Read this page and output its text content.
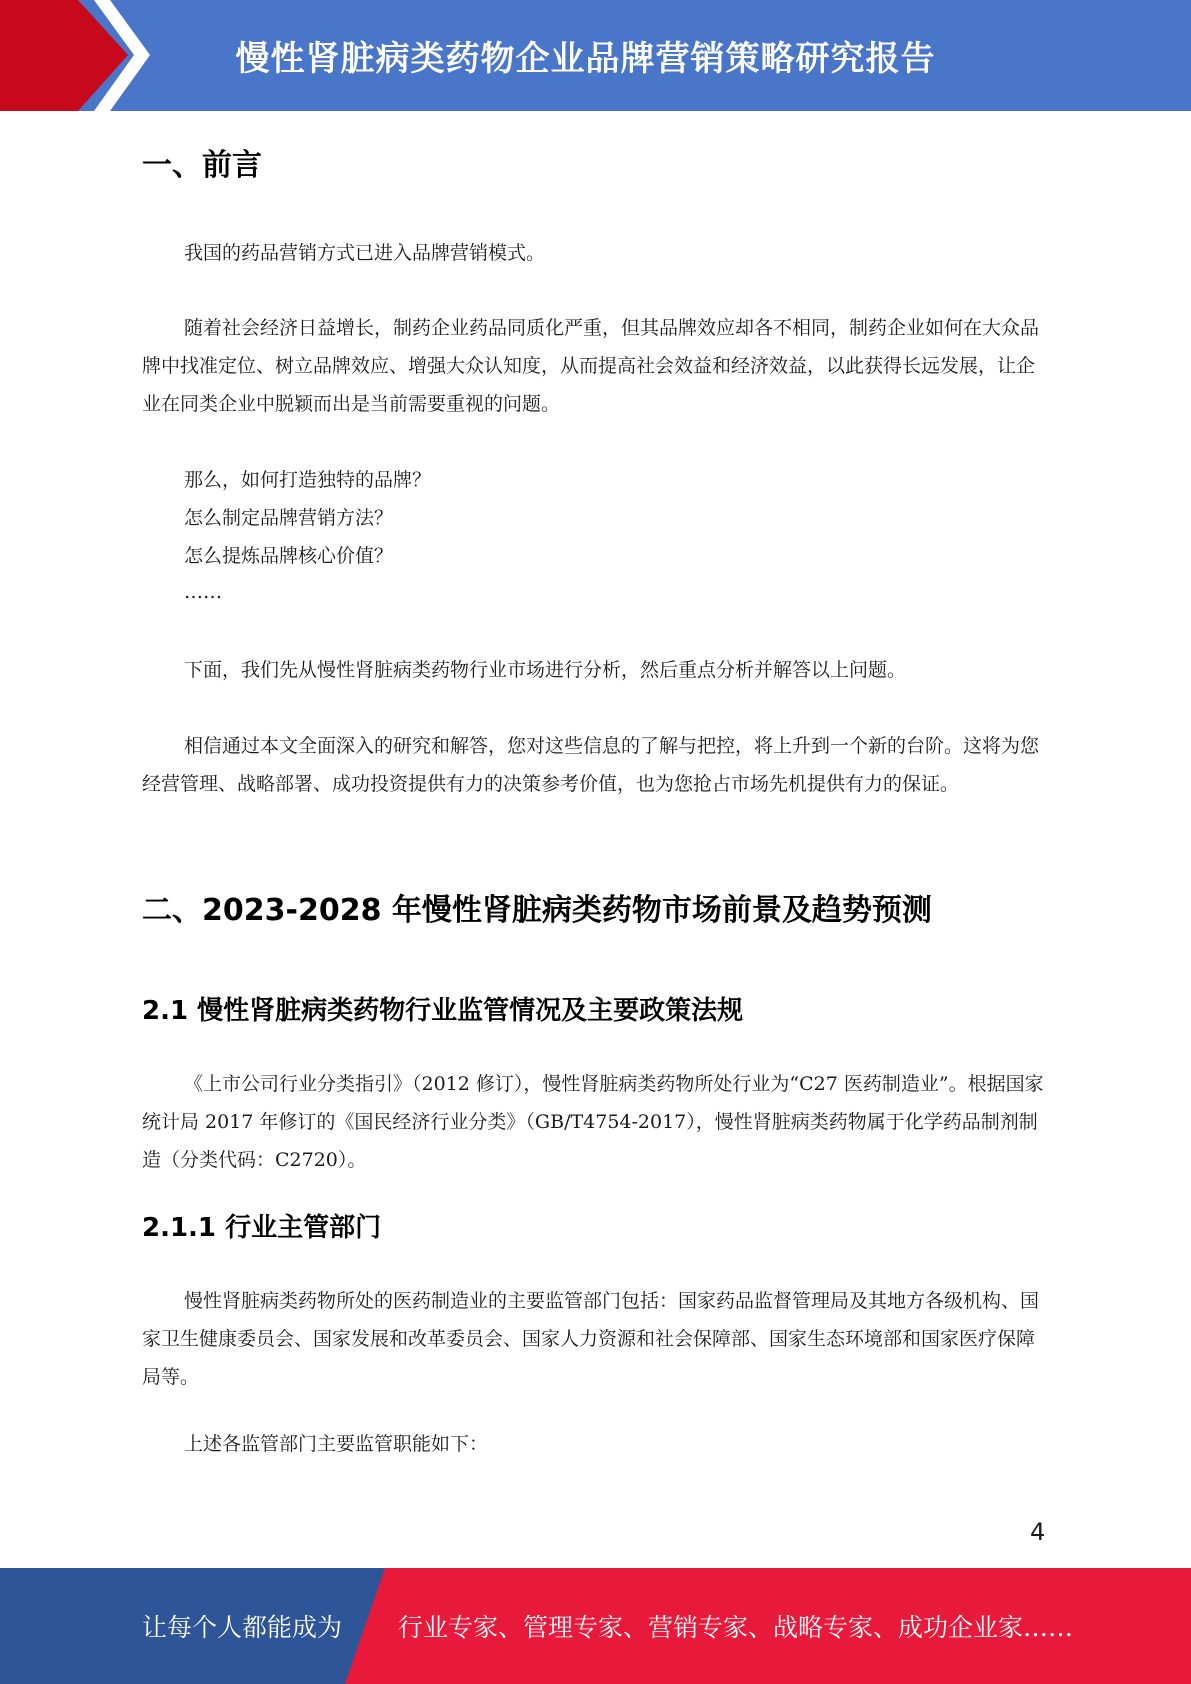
慢性肾脏病类药物企业品牌营销策略研究报告
一、前言

我国的药品营销方式已进入品牌营销模式。

随着社会经济日益增长，制药企业药品同质化严重，但其品牌效应却各不相同，制药企业如何在大众品牌中找准定位、树立品牌效应、增强大众认知度，从而提高社会效益和经济效益，以此获得长远发展，让企业在同类企业中脱颖而出是当前需要重视的问题。

那么，如何打造独特的品牌？
怎么制定品牌营销方法？
怎么提炼品牌核心价值？
……

下面，我们先从慢性肾脏病类药物行业市场进行分析，然后重点分析并解答以上问题。

相信通过本文全面深入的研究和解答，您对这些信息的了解与把控，将上升到一个新的台阶。这将为您经营管理、战略部署、成功投资提供有力的决策参考价值，也为您抢占市场先机提供有力的保证。

二、2023-2028 年慢性肾脏病类药物市场前景及趋势预测
2.1 慢性肾脏病类药物行业监管情况及主要政策法规

《上市公司行业分类指引》（2012 修订），慢性肾脏病类药物所处行业为“C27 医药制造业”。根据国家统计局 2017 年修订的《国民经济行业分类》（GB/T4754-2017），慢性肾脏病类药物属于化学药品制剂制造（分类代码：C2720）。

2.1.1 行业主管部门

慢性肾脏病类药物所处的医药制造业的主要监管部门包括：国家药品监督管理局及其地方各级机构、国家卫生健康委员会、国家发展和改革委员会、国家人力资源和社会保障部、国家生态环境部和国家医疗保障局等。

上述各监管部门主要监管职能如下：

4
让每个人都能成为 行业专家、管理专家、营销专家、战略专家、成功企业家……
